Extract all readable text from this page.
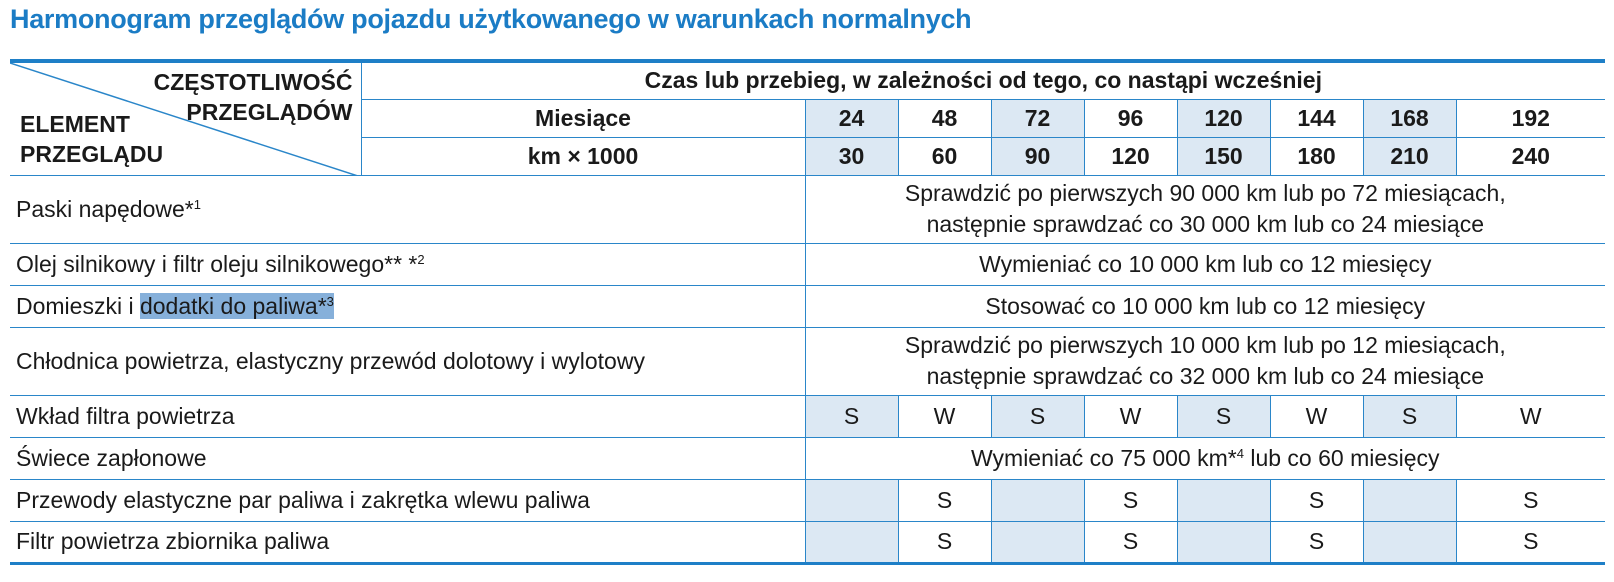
Harmonogram przeglądów pojazdu użytkowanego w warunkach normalnych
CZĘSTOTLIWOŚĆ
PRZEGLĄDÓW
ELEMENT
PRZEGLĄDU	Czas lub przebieg, w zależności od tego, co nastąpi wcześniej								
	Miesiące	24	48	72	96	120	144	168	192
	km × 1000	30	60	90	120	150	180	210	240
Paski napędowe*$^1$		Sprawdzić po pierwszych 90 000 km lub po 72 miesiącach,
następnie sprawdzać co 30 000 km lub co 24 miesiące							

Olej silnikowy i filtr oleju silnikowego** *$^2$		Wymieniać co 10 000 km lub co 12 miesięcy							
Domieszki i dodatki do paliwa*$^3$		Stosować co 10 000 km lub co 12 miesięcy							
Chłodnica powietrza, elastyczny przewód dolotowy i wylotowy		Sprawdzić po pierwszych 10 000 km lub po 12 miesiącach,
następnie sprawdzać co 32 000 km lub co 24 miesiące							

Wkład filtra powietrza		S	W	S	W	S	W	S	W
Świece zapłonowe		Wymieniać co 75 000 km*$^4$ lub co 60 miesięcy							
Przewody elastyczne par paliwa i zakrętka wlewu paliwa			S		S		S		S
Filtr powietrza zbiornika paliwa			S		S		S		S
